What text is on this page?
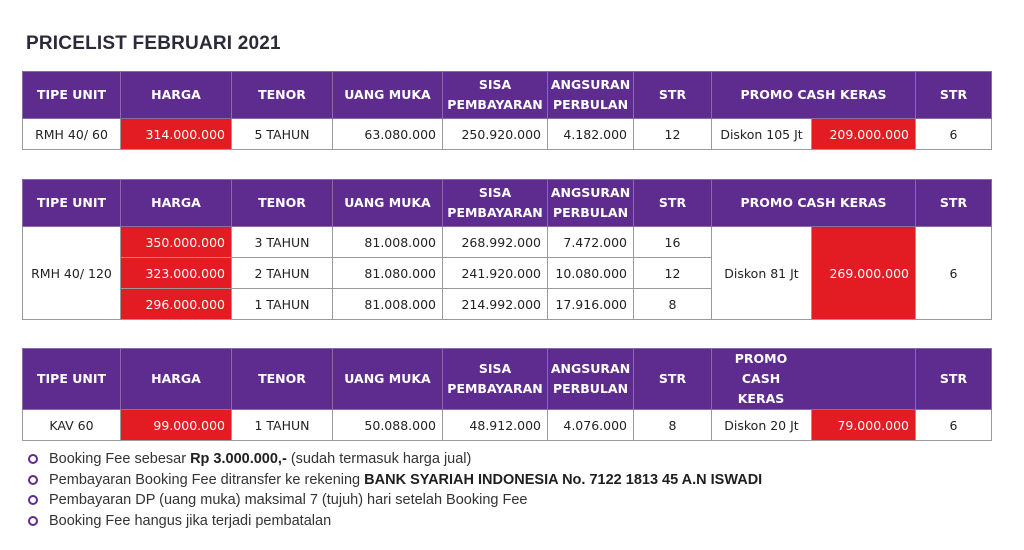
PRICELIST FEBRUARI 2021
TIPE UNIT	HARGA	TENOR	UANG MUKA	SISA PEMBAYARAN	ANGSURAN PERBULAN	STR	PROMO CASH KERAS		STR
RMH 40/ 60	314.000.000	5 TAHUN	63.080.000	250.920.000	4.182.000	12	Diskon 105 Jt	209.000.000	6
TIPE UNIT	HARGA	TENOR	UANG MUKA	SISA PEMBAYARAN	ANGSURAN PERBULAN	STR	PROMO CASH KERAS		STR
RMH 40/ 120	350.000.000	3 TAHUN	81.008.000	268.992.000	7.472.000	16	Diskon 81 Jt	269.000.000	6
	323.000.000	2 TAHUN	81.080.000	241.920.000	10.080.000	12			
	296.000.000	1 TAHUN	81.008.000	214.992.000	17.916.000	8			
TIPE UNIT	HARGA	TENOR	UANG MUKA	SISA PEMBAYARAN	ANGSURAN PERBULAN	STR	PROMO CASH KERAS		STR
KAV 60	99.000.000	1 TAHUN	50.088.000	48.912.000	4.076.000	8	Diskon 20 Jt	79.000.000	6
Booking Fee sebesar Rp 3.000.000,- (sudah termasuk harga jual)
Pembayaran Booking Fee ditransfer ke rekening BANK SYARIAH INDONESIA No. 7122 1813 45 A.N ISWADI
Pembayaran DP (uang muka) maksimal 7 (tujuh) hari setelah Booking Fee
Booking Fee hangus jika terjadi pembatalan
